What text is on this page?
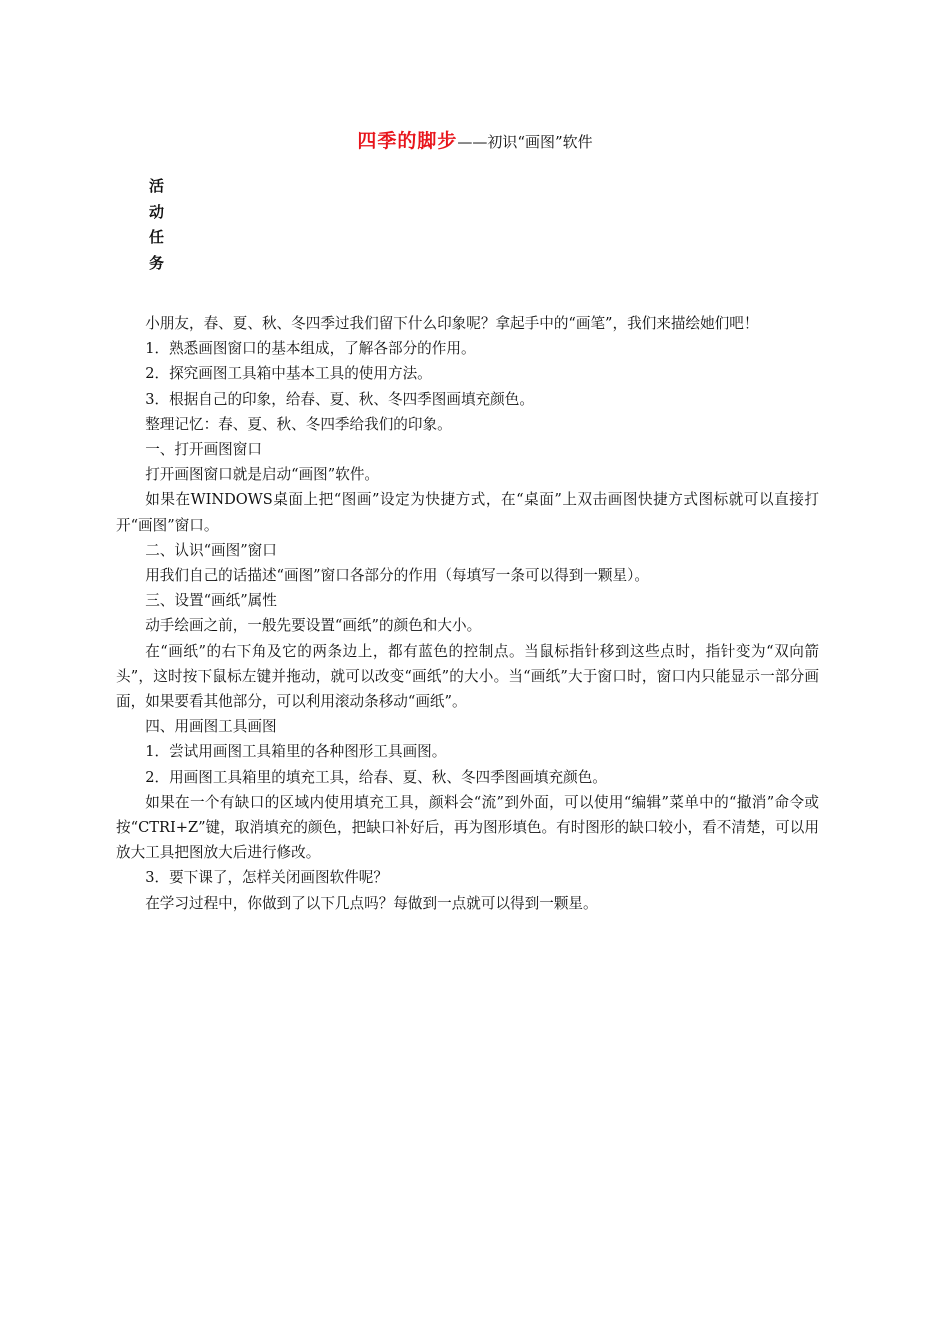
四季的脚步——初识“画图”软件
活动任务

小朋友，春、夏、秋、冬四季过我们留下什么印象呢？拿起手中的“画笔”，我们来描绘她们吧！

1．熟悉画图窗口的基本组成，了解各部分的作用。

2．探究画图工具箱中基本工具的使用方法。

3．根据自己的印象，给春、夏、秋、冬四季图画填充颜色。

整理记忆：春、夏、秋、冬四季给我们的印象。

一、打开画图窗口

打开画图窗口就是启动“画图”软件。

如果在WINDOWS桌面上把“图画”设定为快捷方式，在“桌面”上双击画图快捷方式图标就可以直接打开“画图”窗口。

二、认识“画图”窗口

用我们自己的话描述“画图”窗口各部分的作用（每填写一条可以得到一颗星）。

三、设置“画纸”属性

动手绘画之前，一般先要设置“画纸”的颜色和大小。

在“画纸”的右下角及它的两条边上，都有蓝色的控制点。当鼠标指针移到这些点时，指针变为“双向箭头”，这时按下鼠标左键并拖动，就可以改变“画纸”的大小。当“画纸”大于窗口时，窗口内只能显示一部分画面，如果要看其他部分，可以利用滚动条移动“画纸”。

四、用画图工具画图

1．尝试用画图工具箱里的各种图形工具画图。

2．用画图工具箱里的填充工具，给春、夏、秋、冬四季图画填充颜色。

如果在一个有缺口的区域内使用填充工具，颜料会“流”到外面，可以使用“编辑”菜单中的“撤消”命令或按“CTRI+Z”键，取消填充的颜色，把缺口补好后，再为图形填色。有时图形的缺口较小，看不清楚，可以用放大工具把图放大后进行修改。

3．要下课了，怎样关闭画图软件呢？

在学习过程中，你做到了以下几点吗？每做到一点就可以得到一颗星。
